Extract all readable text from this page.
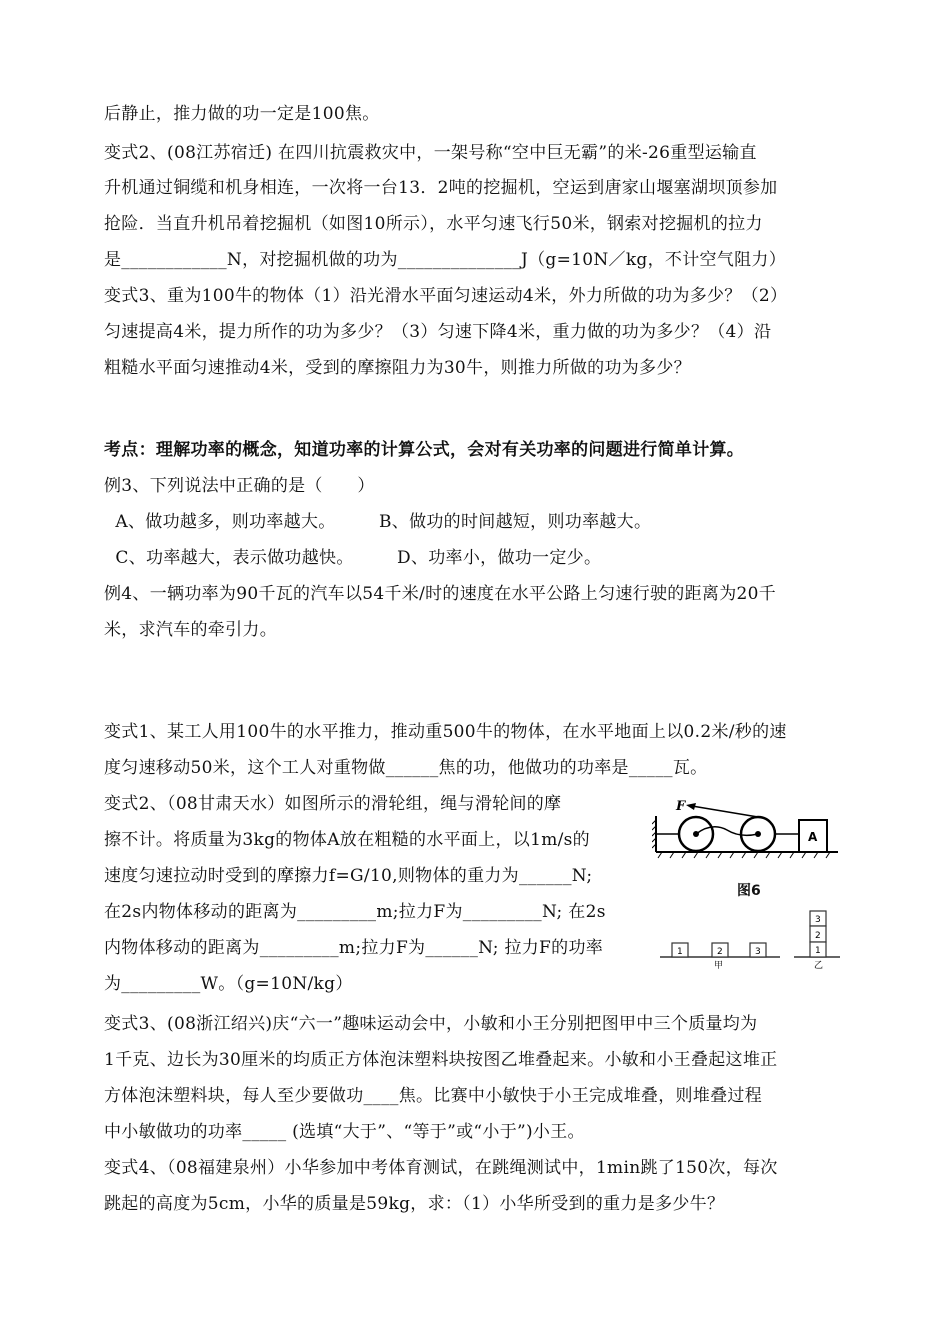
后静止，推力做的功一定是100焦。
变式2、(08江苏宿迁) 在四川抗震救灾中，一架号称“空中巨无霸”的米-26重型运输直
升机通过铜缆和机身相连，一次将一台13．2吨的挖掘机，空运到唐家山堰塞湖坝顶参加
抢险．当直升机吊着挖掘机（如图10所示），水平匀速飞行50米，钢索对挖掘机的拉力
是____________N，对挖掘机做的功为______________J（g=10N／kg，不计空气阻力）
变式3、重为100牛的物体（1）沿光滑水平面匀速运动4米，外力所做的功为多少？（2）
匀速提高4米，提力所作的功为多少？（3）匀速下降4米，重力做的功为多少？（4）沿
粗糙水平面匀速推动4米，受到的摩擦阻力为30牛，则推力所做的功为多少？
考点：理解功率的概念，知道功率的计算公式，会对有关功率的问题进行简单计算。
例3、下列说法中正确的是（　　）
A、做功越多，则功率越大。　　　B、做功的时间越短，则功率越大。
C、功率越大，表示做功越快。　　　D、功率小，做功一定少。
例4、一辆功率为90千瓦的汽车以54千米/时的速度在水平公路上匀速行驶的距离为20千
米，求汽车的牵引力。
变式1、某工人用100牛的水平推力，推动重500牛的物体，在水平地面上以0.2米/秒的速
度匀速移动50米，这个工人对重物做______焦的功，他做功的功率是_____瓦。
变式2、（08甘肃天水）如图所示的滑轮组，绳与滑轮间的摩
擦不计。将质量为3kg的物体A放在粗糙的水平面上，以1m/s的
速度匀速拉动时受到的摩擦力f=G/10,则物体的重力为______N;
在2s内物体移动的距离为_________m;拉力F为_________N; 在2s
内物体移动的距离为_________m;拉力F为______N; 拉力F的功率
为_________W。（g=10N/kg）
变式3、(08浙江绍兴)庆“六一”趣味运动会中，小敏和小王分别把图甲中三个质量均为
1千克、边长为30厘米的均质正方体泡沫塑料块按图乙堆叠起来。小敏和小王叠起这堆正
方体泡沫塑料块，每人至少要做功____焦。比赛中小敏快于小王完成堆叠，则堆叠过程
中小敏做功的功率_____ (选填“大于”、“等于”或“小于”)小王。
变式4、（08福建泉州）小华参加中考体育测试，在跳绳测试中，1min跳了150次，每次
跳起的高度为5cm，小华的质量是59kg，求：（1）小华所受到的重力是多少牛？
F
A
图6
1	2	3
甲
3
2
1
乙
